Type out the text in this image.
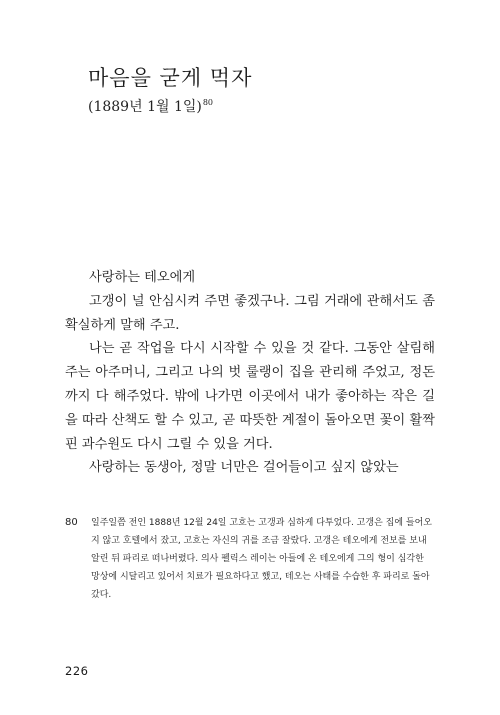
마음을 굳게 먹자
(1889년 1월 1일)$^{80}$

사랑하는 테오에게

고갱이 널 안심시켜 주면 좋겠구나. 그림 거래에 관해서도 좀 확실하게 말해 주고.

나는 곧 작업을 다시 시작할 수 있을 것 같다. 그동안 살림해 주는 아주머니, 그리고 나의 벗 룰랭이 집을 관리해 주었고, 정돈까지 다 해주었다. 밖에 나가면 이곳에서 내가 좋아하는 작은 길을 따라 산책도 할 수 있고, 곧 따뜻한 계절이 돌아오면 꽃이 활짝 핀 과수원도 다시 그릴 수 있을 거다.

사랑하는 동생아, 정말 너만은 걸어들이고 싶지 않았는

80	일주일쯤 전인 1888년 12월 24일 고흐는 고갱과 심하게 다투었다. 고갱은 집에 들어오지 않고 호텔에서 잤고, 고흐는 자신의 귀를 조금 잘랐다. 고갱은 테오에게 전보를 보내 알린 뒤 파리로 떠나버렸다. 의사 펠릭스 레이는 아들에 온 테오에게 그의 형이 심각한 망상에 시달리고 있어서 치료가 필요하다고 했고, 테오는 사태를 수습한 후 파리로 돌아갔다.
226
